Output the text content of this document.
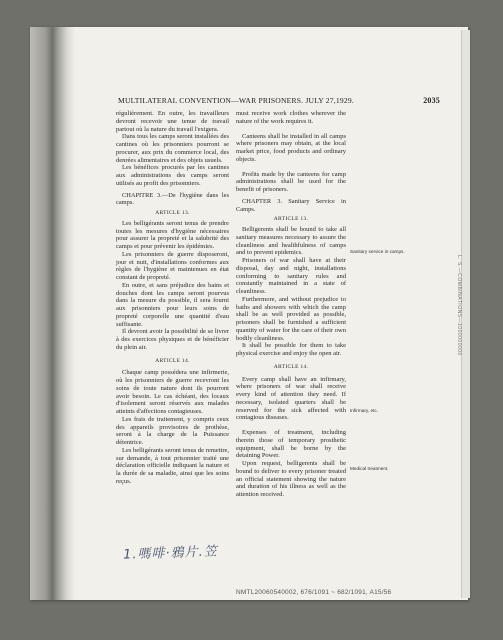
L. S.—COMBINATIONS—1000000000
MULTILATERAL CONVENTION—WAR PRISONERS. JULY 27,1929.	2035

régulièrement. En outre, les travailleurs devront recevoir une tenue de travail partout où la nature du travail l'exigera.

Dans tous les camps seront installées des cantines où les prisonniers pourront se procurer, aux prix du commerce local, des denrées alimentaires et des objets usuels.

Les bénéfices procurés par les cantines aux administrations des camps seront utilisés au profit des prisonniers.

CHAPITRE 3.—De l'hygiène dans les camps.

ARTICLE 13.

Les belligérants seront tenus de prendre toutes les mesures d'hygiène nécessaires pour assurer la propreté et la salubrité des camps et pour prévenir les épidémies.

Les prisonniers de guerre disposeront, jour et nuit, d'installations conformes aux règles de l'hygiène et maintenues en état constant de propreté.

En outre, et sans préjudice des bains et douches dont les camps seront pourvus dans la mesure du possible, il sera fourni aux prisonniers pour leurs soins de propreté corporelle une quantité d'eau suffisante.

Il devront avoir la possibilité de se livrer à des exercices physiques et de bénéficier du plein air.

ARTICLE 14.

Chaque camp possédera une infirmerie, où les prisonniers de guerre recevront les soins de toute nature dont ils pourront avoir besoin. Le cas échéant, des locaux d'isolement seront réservés aux malades atteints d'affections contagieuses.

Les frais de traitement, y compris ceux des appareils provisoires de prothèse, seront à la charge de la Puissance détentrice.

Les belligérants seront tenus de remettre, sur demande, à tout prisonnier traité une déclaration officielle indiquant la nature et la durée de sa maladie, ainsi que les soins reçus.

must receive work clothes wherever the nature of the work requires it.

Canteens shall be installed in all camps where prisoners may obtain, at the local market price, food products and ordinary objects.

Profits made by the canteens for camp administrations shall be used for the benefit of prisoners.

CHAPTER 3. Sanitary Service in Camps.

ARTICLE 13.

Belligerents shall be bound to take all sanitary measures necessary to assure the cleanliness and healthfulness of camps and to prevent epidemics.

Prisoners of war shall have at their disposal, day and night, installations conforming to sanitary rules and constantly maintained in a state of cleanliness.

Furthermore, and without prejudice to baths and showers with which the camp shall be as well provided as possible, prisoners shall be furnished a sufficient quantity of water for the care of their own bodily cleanliness.

It shall be possible for them to take physical exercise and enjoy the open air.

ARTICLE 14.

Every camp shall have an infirmary, where prisoners of war shall receive every kind of attention they need. If necessary, isolated quarters shall be reserved for the sick affected with contagious diseases.

Expenses of treatment, including therein those of temporary prosthetic equipment, shall be borne by the detaining Power.

Upon request, belligerents shall be bound to deliver to every prisoner treated an official statement showing the nature and duration of his illness as well as the attention received.

Sanitary service in camps.
Infirmary, etc.
Medical treatment.
1.嗎啡·鴉片.笠
NMTL20060540002, 676/1091 ~ 682/1091, A15/56
